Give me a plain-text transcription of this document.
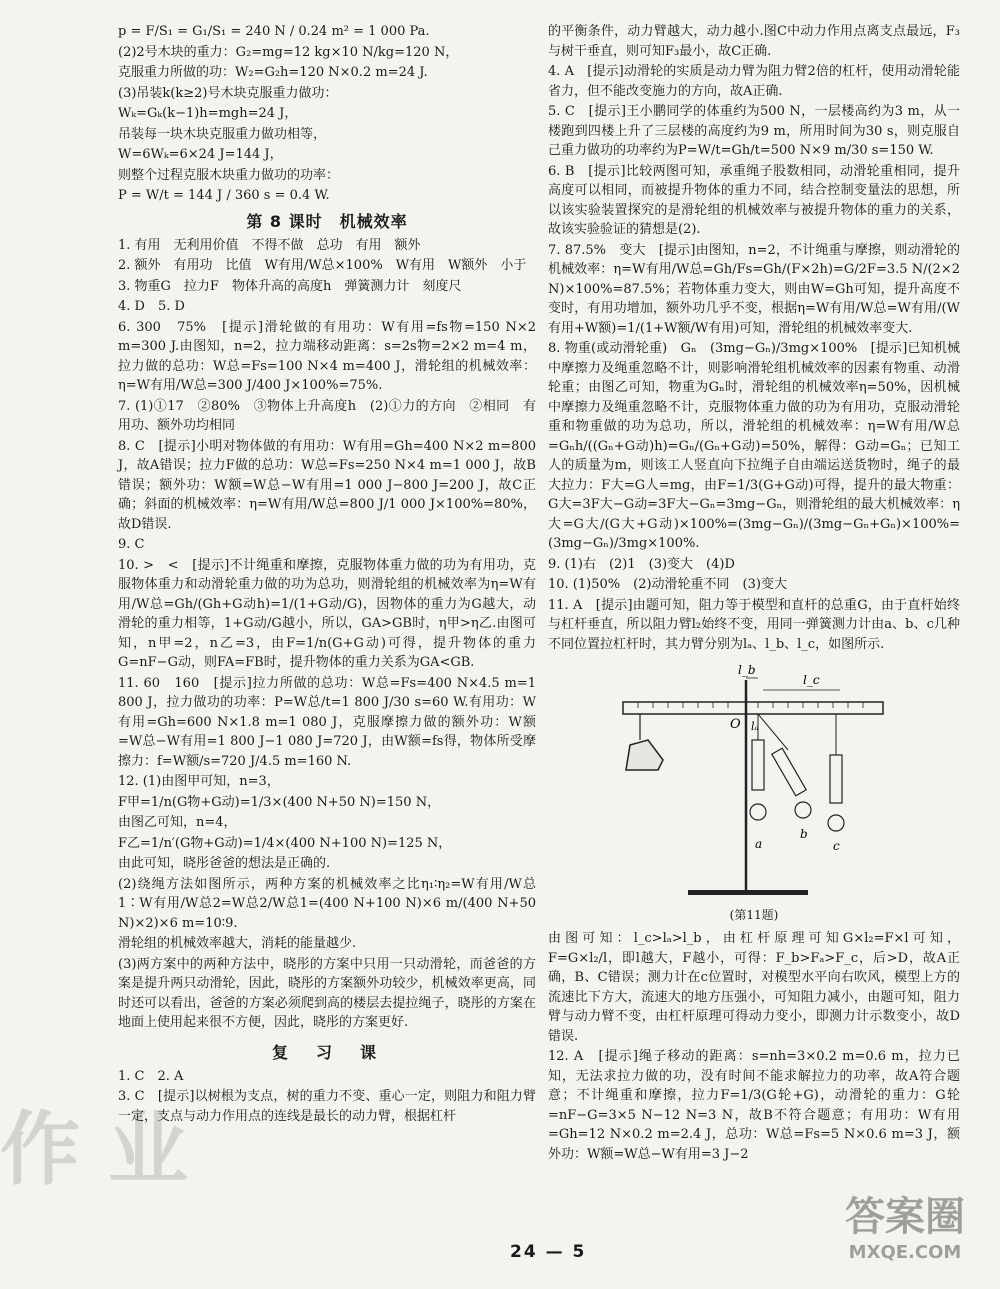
p = F/S₁ = G₁/S₁ = 240 N / 0.24 m² = 1 000 Pa.

(2)2号木块的重力：G₂=mg=12 kg×10 N/kg=120 N，

克服重力所做的功：W₂=G₂h=120 N×0.2 m=24 J.

(3)吊装k(k≥2)号木块克服重力做功：

Wₖ=Gₖ(k−1)h=mgh=24 J，

吊装每一块木块克服重力做功相等，

W=6Wₖ=6×24 J=144 J，

则整个过程克服木块重力做功的功率：

P = W/t = 144 J / 360 s = 0.4 W.

第 8 课时　机械效率

1. 有用　无利用价值　不得不做　总功　有用　额外

2. 额外　有用功　比值　W有用/W总×100%　W有用　W额外　小于

3. 物重G　拉力F　物体升高的高度h　弹簧测力计　刻度尺

4. D　5. D

6. 300　75%　[提示]滑轮做的有用功：W有用=fs物=150 N×2 m=300 J.由图知，n=2，拉力端移动距离：s=2s物=2×2 m=4 m，拉力做的总功：W总=Fs=100 N×4 m=400 J，滑轮组的机械效率：η=W有用/W总=300 J/400 J×100%=75%.

7. (1)①17　②80%　③物体上升高度h　(2)①力的方向　②相同　有用功、额外功均相同

8. C　[提示]小明对物体做的有用功：W有用=Gh=400 N×2 m=800 J，故A错误；拉力F做的总功：W总=Fs=250 N×4 m=1 000 J，故B错误；额外功：W额=W总−W有用=1 000 J−800 J=200 J，故C正确；斜面的机械效率：η=W有用/W总=800 J/1 000 J×100%=80%，故D错误.

9. C

10. >　<　[提示]不计绳重和摩擦，克服物体重力做的功为有用功，克服物体重力和动滑轮重力做的功为总功，则滑轮组的机械效率为η=W有用/W总=Gh/(Gh+G动h)=1/(1+G动/G)，因物体的重力为G越大，动滑轮的重力相等，1+G动/G越小，所以，GA>GB时，η甲>η乙.由图可知，n甲=2，n乙=3，由F=1/n(G+G动)可得，提升物体的重力G=nF−G动，则FA=FB时，提升物体的重力关系为GA<GB.

11. 60　160　[提示]拉力所做的总功：W总=Fs=400 N×4.5 m=1 800 J，拉力做功的功率：P=W总/t=1 800 J/30 s=60 W.有用功：W有用=Gh=600 N×1.8 m=1 080 J，克服摩擦力做的额外功：W额=W总−W有用=1 800 J−1 080 J=720 J，由W额=fs得，物体所受摩擦力：f=W额/s=720 J/4.5 m=160 N.

12. (1)由图甲可知，n=3，

F甲=1/n(G物+G动)=1/3×(400 N+50 N)=150 N，

由图乙可知，n=4，

F乙=1/n′(G物+G动)=1/4×(400 N+100 N)=125 N，

由此可知，晓彤爸爸的想法是正确的.

(2)绕绳方法如图所示，两种方案的机械效率之比η₁∶η₂=W有用/W总1∶W有用/W总2=W总2/W总1=(400 N+100 N)×6 m/(400 N+50 N)×2)×6 m=10∶9.

滑轮组的机械效率越大，消耗的能量越少.

(3)两方案中的两种方法中，晓彤的方案中只用一只动滑轮，而爸爸的方案是提升两只动滑轮，因此，晓彤的方案额外功较少，机械效率更高，同时还可以看出，爸爸的方案必须爬到高的楼层去提拉绳子，晓彤的方案在地面上使用起来很不方便，因此，晓彤的方案更好.

复　习　课

1. C　2. A

3. C　[提示]以树根为支点，树的重力不变、重心一定，则阻力和阻力臂一定，支点与动力作用点的连线是最长的动力臂，根据杠杆

的平衡条件，动力臂越大，动力越小.图C中动力作用点离支点最远，F₃与树干垂直，则可知F₃最小，故C正确.

4. A　[提示]动滑轮的实质是动力臂为阻力臂2倍的杠杆，使用动滑轮能省力，但不能改变施力的方向，故A正确.

5. C　[提示]王小鹏同学的体重约为500 N，一层楼高约为3 m，从一楼跑到四楼上升了三层楼的高度约为9 m，所用时间为30 s，则克服自己重力做功的功率约为P=W/t=Gh/t=500 N×9 m/30 s=150 W.

6. B　[提示]比较两图可知，承重绳子股数相同，动滑轮重相同，提升高度可以相同，而被提升物体的重力不同，结合控制变量法的思想，所以该实验装置探究的是滑轮组的机械效率与被提升物体的重力的关系，故该实验验证的猜想是(2).

7. 87.5%　变大　[提示]由图知，n=2，不计绳重与摩擦，则动滑轮的机械效率：η=W有用/W总=Gh/Fs=Gh/(F×2h)=G/2F=3.5 N/(2×2 N)×100%=87.5%；若物体重力变大，则由W=Gh可知，提升高度不变时，有用功增加，额外功几乎不变，根据η=W有用/W总=W有用/(W有用+W额)=1/(1+W额/W有用)可知，滑轮组的机械效率变大.

8. 物重(或动滑轮重)　Gₙ　(3mg−Gₙ)/3mg×100%　[提示]已知机械中摩擦力及绳重忽略不计，则影响滑轮组机械效率的因素有物重、动滑轮重；由图乙可知，物重为Gₙ时，滑轮组的机械效率η=50%，因机械中摩擦力及绳重忽略不计，克服物体重力做的功为有用功，克服动滑轮重和物重做的功为总功，所以，滑轮组的机械效率：η=W有用/W总=Gₙh/((Gₙ+G动)h)=Gₙ/(Gₙ+G动)=50%，解得：G动=Gₙ；已知工人的质量为m，则该工人竖直向下拉绳子自由端运送货物时，绳子的最大拉力：F大=G人=mg，由F=1/3(G+G动)可得，提升的最大物重：G大=3F大−G动=3F大−Gₙ=3mg−Gₙ，则滑轮组的最大机械效率：η大=G大/(G大+G动)×100%=(3mg−Gₙ)/(3mg−Gₙ+Gₙ)×100%=(3mg−Gₙ)/3mg×100%.

9. (1)右　(2)1　(3)变大　(4)D

10. (1)50%　(2)动滑轮重不同　(3)变大

11. A　[提示]由题可知，阻力等于模型和直杆的总重G，由于直杆始终与杠杆垂直，所以阻力臂l₂始终不变，用同一弹簧测力计由a、b、c几种不同位置拉杠杆时，其力臂分别为lₐ、l_b、l_c，如图所示.

l_b
l_c
lₐ
O
a
b
c
(第11题)

由图可知：l_c>lₐ>l_b，由杠杆原理可知G×l₂=F×l可知，F=G×l₂/l，即l越大，F越小，可得：F_b>Fₐ>F_c，后>D，故A正确，B、C错误；测力计在c位置时，对模型水平向右吹风，模型上方的流速比下方大，流速大的地方压强小，可知阻力减小，由题可知，阻力臂与动力臂不变，由杠杆原理可得动力变小，即测力计示数变小，故D错误.

12. A　[提示]绳子移动的距离：s=nh=3×0.2 m=0.6 m，拉力已知，无法求拉力做的功，没有时间不能求解拉力的功率，故A符合题意；不计绳重和摩擦，拉力F=1/3(G轮+G)，动滑轮的重力：G轮=nF−G=3×5 N−12 N=3 N，故B不符合题意；有用功：W有用=Gh=12 N×0.2 m=2.4 J，总功：W总=Fs=5 N×0.6 m=3 J，额外功：W额=W总−W有用=3 J−2

24 — 5
作 业
答案圈
MXQE.COM
